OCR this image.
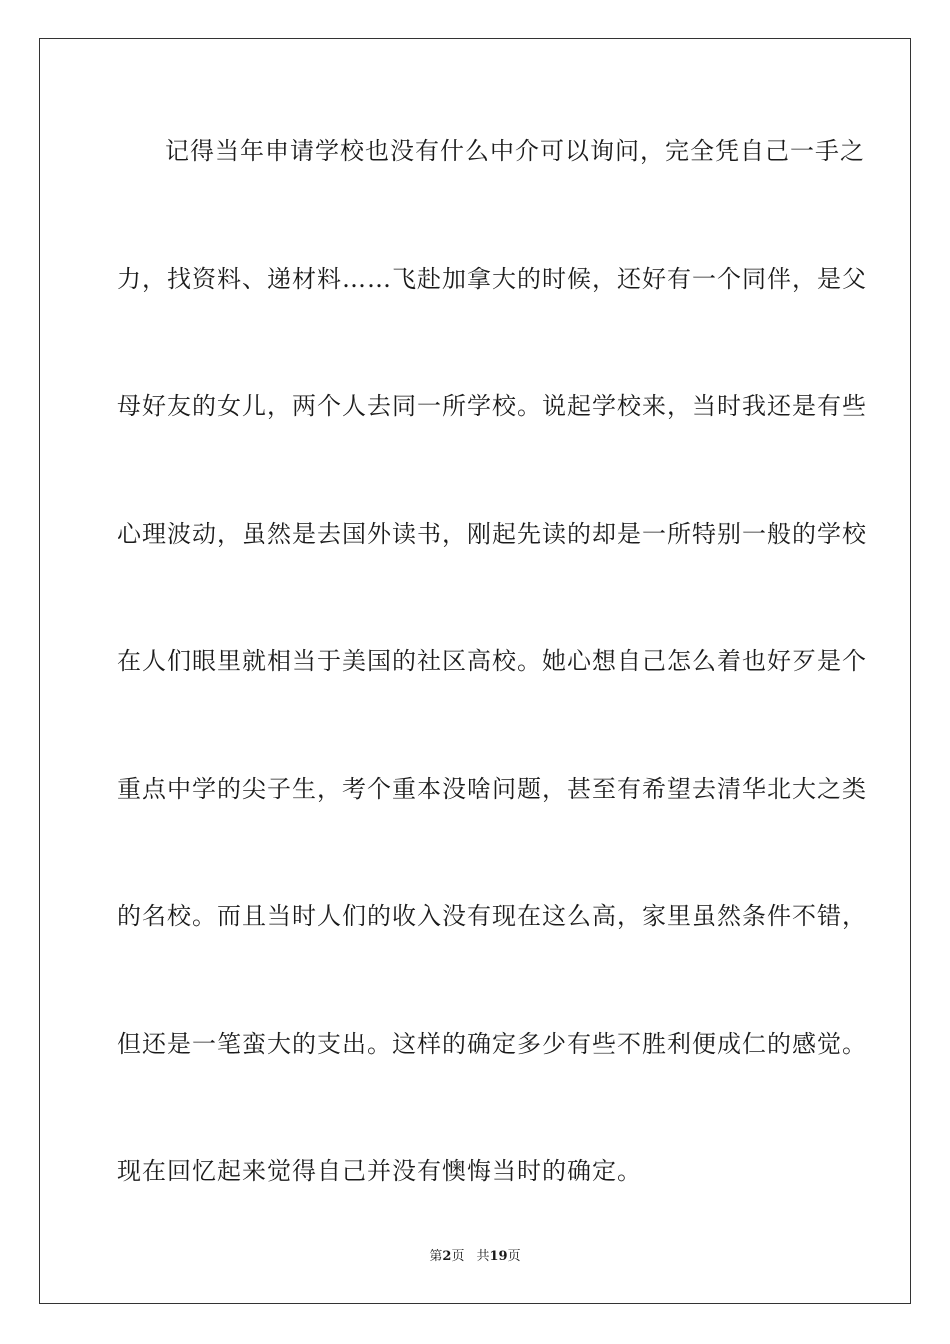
记得当年申请学校也没有什么中介可以询问，完全凭自己一手之
力，找资料、递材料……飞赴加拿大的时候，还好有一个同伴，是父
母好友的女儿，两个人去同一所学校。说起学校来，当时我还是有些
心理波动，虽然是去国外读书，刚起先读的却是一所特别一般的学校
在人们眼里就相当于美国的社区高校。她心想自己怎么着也好歹是个
重点中学的尖子生，考个重本没啥问题，甚至有希望去清华北大之类
的名校。而且当时人们的收入没有现在这么高，家里虽然条件不错，
但还是一笔蛮大的支出。这样的确定多少有些不胜利便成仁的感觉。
现在回忆起来觉得自己并没有懊悔当时的确定。
第2页 共19页
